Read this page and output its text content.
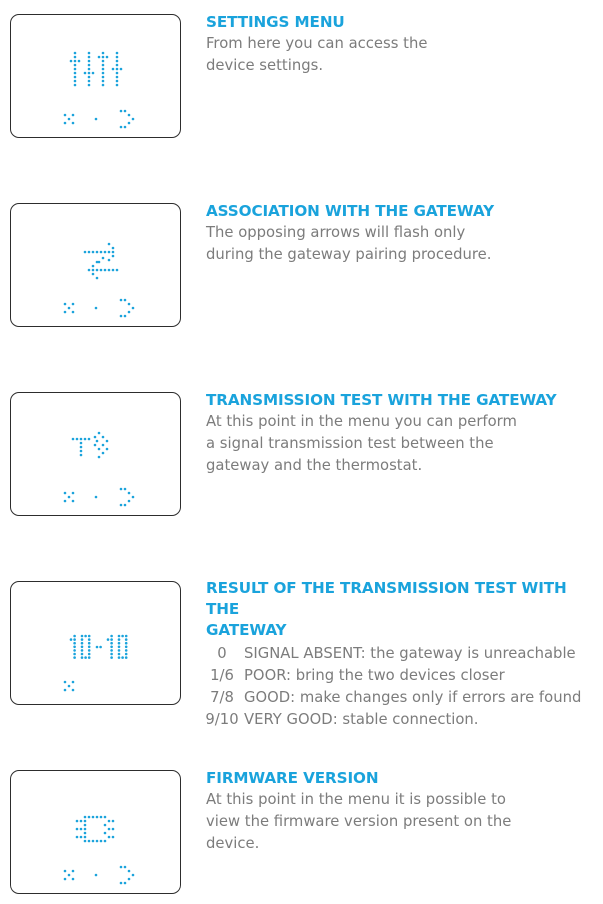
SETTINGS MENU

From here you can access the

device settings.

ASSOCIATION WITH THE GATEWAY

The opposing arrows will flash only

during the gateway pairing procedure.

TRANSMISSION TEST WITH THE GATEWAY

At this point in the menu you can perform

a signal transmission test between the

gateway and the thermostat.

RESULT OF THE TRANSMISSION TEST WITH THE

GATEWAY

0	SIGNAL ABSENT: the gateway is unreachable
1/6 POOR: bring the two devices closer
7/8 GOOD: make changes only if errors are found
9/10 VERY GOOD: stable connection.

FIRMWARE VERSION

At this point in the menu it is possible to

view the firmware version present on the

device.
